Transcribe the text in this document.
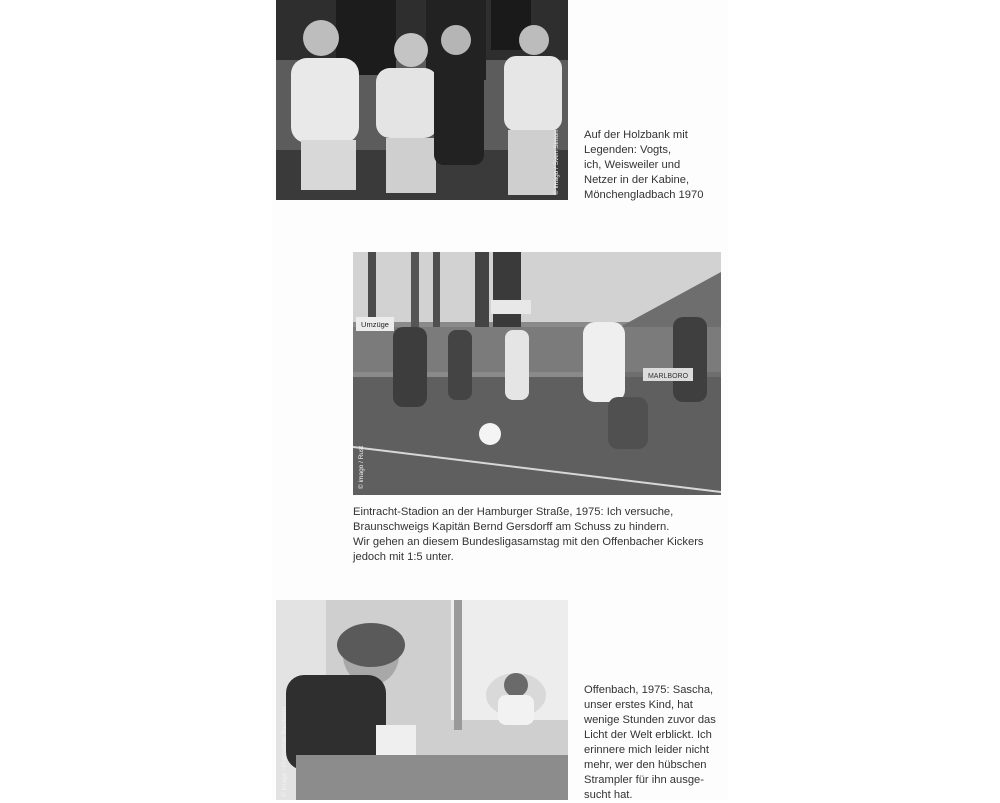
© imago / Sven Simon Auf der Holzbank mit
Legenden: Vogts,
ich, Weisweiler und
Netzer in der Kabine,
Mönchengladbach 1970
Umzüge
MARLBORO
© imago / Rust
Eintracht-Stadion an der Hamburger Straße, 1975: Ich versuche,
Braunschweigs Kapitän Bernd Gersdorff am Schuss zu hindern.
Wir gehen an diesem Bundesligasamstag mit den Offenbacher Kickers
jedoch mit 1:5 unter.
© imago / Pressefoto Baumann
Offenbach, 1975: Sascha,
unser erstes Kind, hat
wenige Stunden zuvor das
Licht der Welt erblickt. Ich
erinnere mich leider nicht
mehr, wer den hübschen
Strampler für ihn ausge-
sucht hat.
